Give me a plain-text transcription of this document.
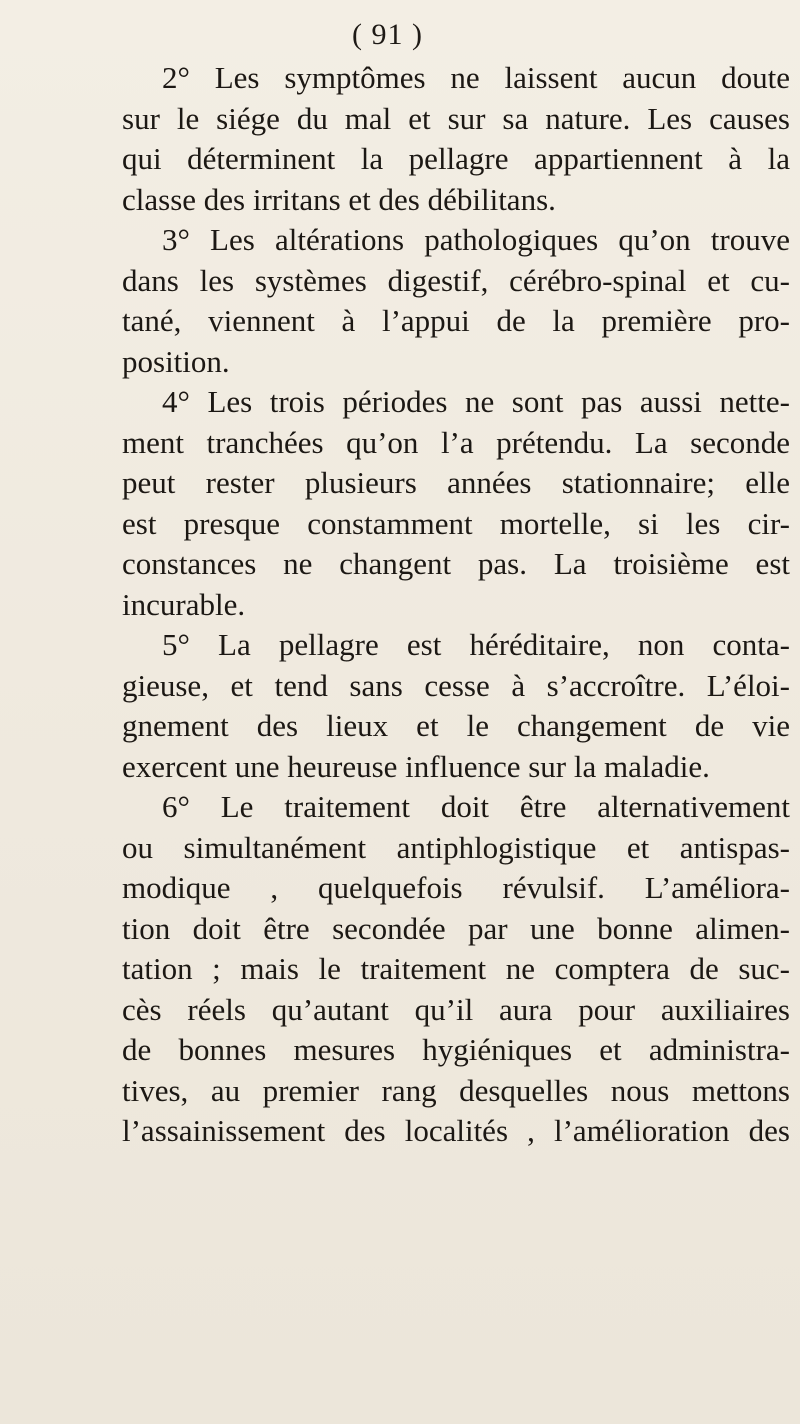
( 91 )
2° Les symptômes ne laissent aucun doute
sur le siége du mal et sur sa nature. Les causes
qui déterminent la pellagre appartiennent à la
classe des irritans et des débilitans.
3° Les altérations pathologiques qu’on trouve
dans les systèmes digestif, cérébro-spinal et cu-
tané, viennent à l’appui de la première pro-
position.
4° Les trois périodes ne sont pas aussi nette-
ment tranchées qu’on l’a prétendu. La seconde
peut rester plusieurs années stationnaire; elle
est presque constamment mortelle, si les cir-
constances ne changent pas. La troisième est
incurable.
5° La pellagre est héréditaire, non conta-
gieuse, et tend sans cesse à s’accroître. L’éloi-
gnement des lieux et le changement de vie
exercent une heureuse influence sur la maladie.
6° Le traitement doit être alternativement
ou simultanément antiphlogistique et antispas-
modique , quelquefois révulsif. L’améliora-
tion doit être secondée par une bonne alimen-
tation ; mais le traitement ne comptera de suc-
cès réels qu’autant qu’il aura pour auxiliaires
de bonnes mesures hygiéniques et administra-
tives, au premier rang desquelles nous mettons
l’assainissement des localités , l’amélioration des
